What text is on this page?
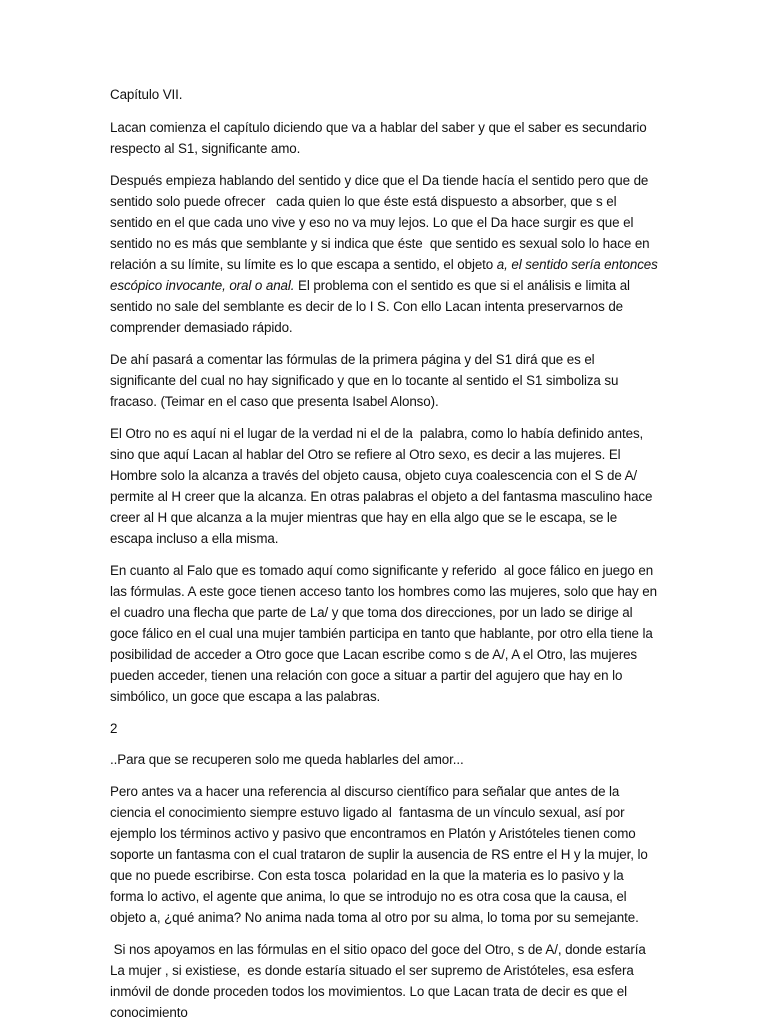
Capítulo VII.

Lacan comienza el capítulo diciendo que va a hablar del saber y que el saber es secundario respecto al S1, significante amo.

Después empieza hablando del sentido y dice que el Da tiende hacía el sentido pero que de sentido solo puede ofrecer   cada quien lo que éste está dispuesto a absorber, que s el sentido en el que cada uno vive y eso no va muy lejos. Lo que el Da hace surgir es que el sentido no es más que semblante y si indica que éste  que sentido es sexual solo lo hace en relación a su límite, su límite es lo que escapa a sentido, el objeto a, el sentido sería entonces escópico invocante, oral o anal. El problema con el sentido es que si el análisis e limita al sentido no sale del semblante es decir de lo I S. Con ello Lacan intenta preservarnos de comprender demasiado rápido.

De ahí pasará a comentar las fórmulas de la primera página y del S1 dirá que es el significante del cual no hay significado y que en lo tocante al sentido el S1 simboliza su fracaso. (Teimar en el caso que presenta Isabel Alonso).

El Otro no es aquí ni el lugar de la verdad ni el de la  palabra, como lo había definido antes, sino que aquí Lacan al hablar del Otro se refiere al Otro sexo, es decir a las mujeres. El Hombre solo la alcanza a través del objeto causa, objeto cuya coalescencia con el S de A/ permite al H creer que la alcanza. En otras palabras el objeto a del fantasma masculino hace creer al H que alcanza a la mujer mientras que hay en ella algo que se le escapa, se le escapa incluso a ella misma.

En cuanto al Falo que es tomado aquí como significante y referido  al goce fálico en juego en las fórmulas. A este goce tienen acceso tanto los hombres como las mujeres, solo que hay en el cuadro una flecha que parte de La/ y que toma dos direcciones, por un lado se dirige al goce fálico en el cual una mujer también participa en tanto que hablante, por otro ella tiene la posibilidad de acceder a Otro goce que Lacan escribe como s de A/, A el Otro, las mujeres pueden acceder, tienen una relación con goce a situar a partir del agujero que hay en lo simbólico, un goce que escapa a las palabras.

2

..Para que se recuperen solo me queda hablarles del amor...

Pero antes va a hacer una referencia al discurso científico para señalar que antes de la ciencia el conocimiento siempre estuvo ligado al  fantasma de un vínculo sexual, así por ejemplo los términos activo y pasivo que encontramos en Platón y Aristóteles tienen como soporte un fantasma con el cual trataron de suplir la ausencia de RS entre el H y la mujer, lo que no puede escribirse. Con esta tosca  polaridad en la que la materia es lo pasivo y la forma lo activo, el agente que anima, lo que se introdujo no es otra cosa que la causa, el objeto a, ¿qué anima? No anima nada toma al otro por su alma, lo toma por su semejante.

Si nos apoyamos en las fórmulas en el sitio opaco del goce del Otro, s de A/, donde estaría La mujer , si existiese,  es donde estaría situado el ser supremo de Aristóteles, esa esfera inmóvil de donde proceden todos los movimientos. Lo que Lacan trata de decir es que el conocimiento
